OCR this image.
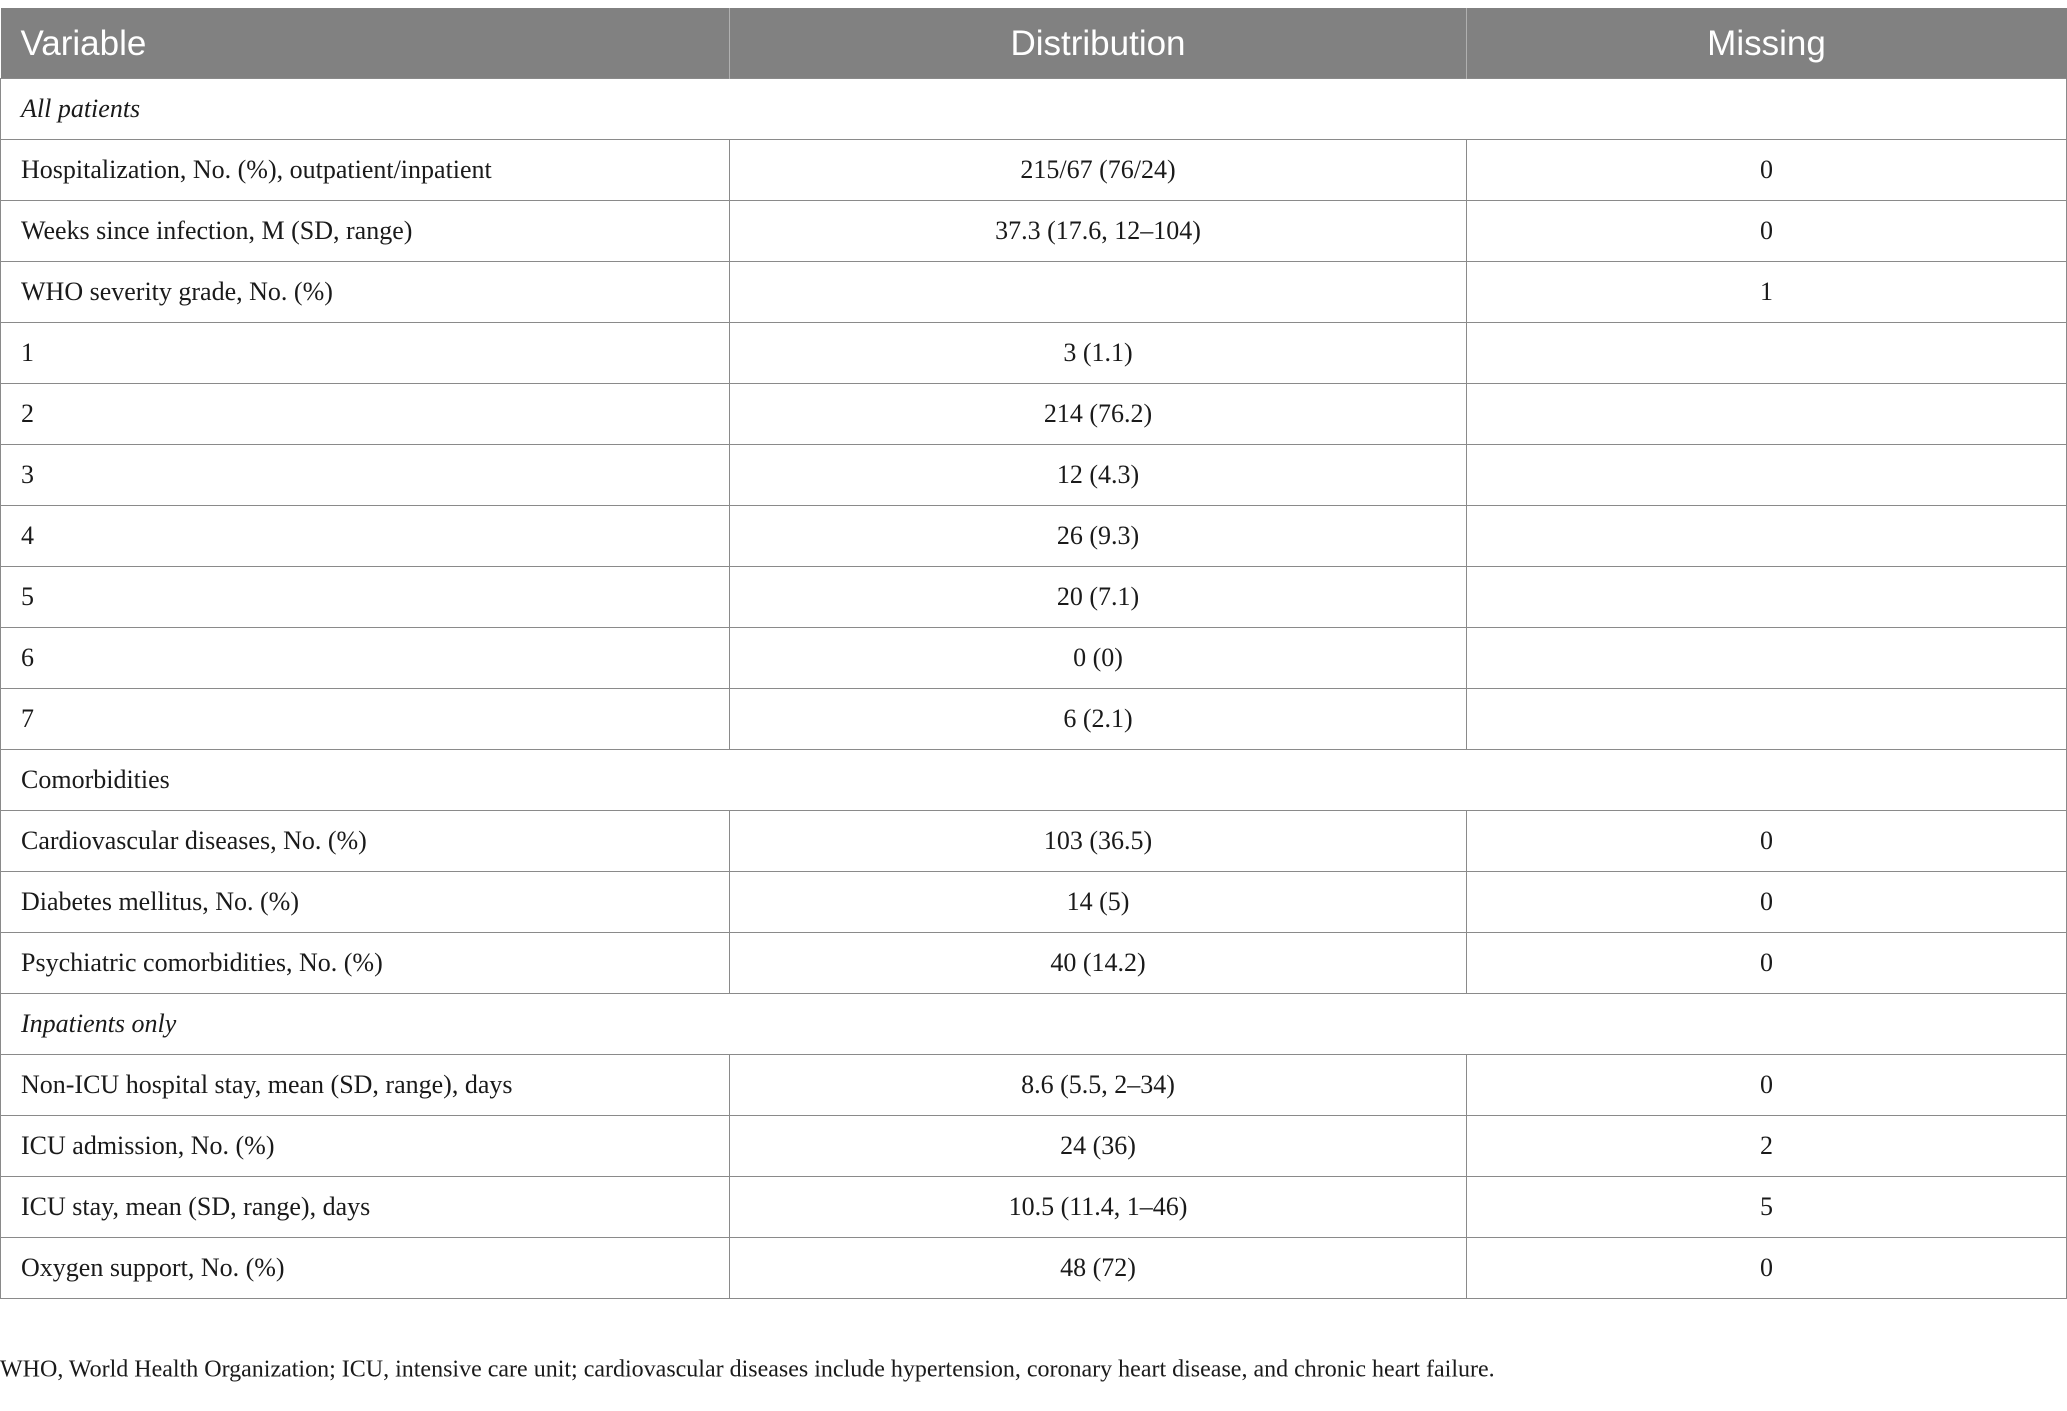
Variable	Distribution	Missing
All patients		
Hospitalization, No. (%), outpatient/inpatient	215/67 (76/24)	0
Weeks since infection, M (SD, range)	37.3 (17.6, 12–104)	0
WHO severity grade, No. (%)		1
1	3 (1.1)	
2	214 (76.2)	
3	12 (4.3)	
4	26 (9.3)	
5	20 (7.1)	
6	0 (0)	
7	6 (2.1)	
Comorbidities		
Cardiovascular diseases, No. (%)	103 (36.5)	0
Diabetes mellitus, No. (%)	14 (5)	0
Psychiatric comorbidities, No. (%)	40 (14.2)	0
Inpatients only		
Non-ICU hospital stay, mean (SD, range), days	8.6 (5.5, 2–34)	0
ICU admission, No. (%)	24 (36)	2
ICU stay, mean (SD, range), days	10.5 (11.4, 1–46)	5
Oxygen support, No. (%)	48 (72)	0
WHO, World Health Organization; ICU, intensive care unit; cardiovascular diseases include hypertension, coronary heart disease, and chronic heart failure.
